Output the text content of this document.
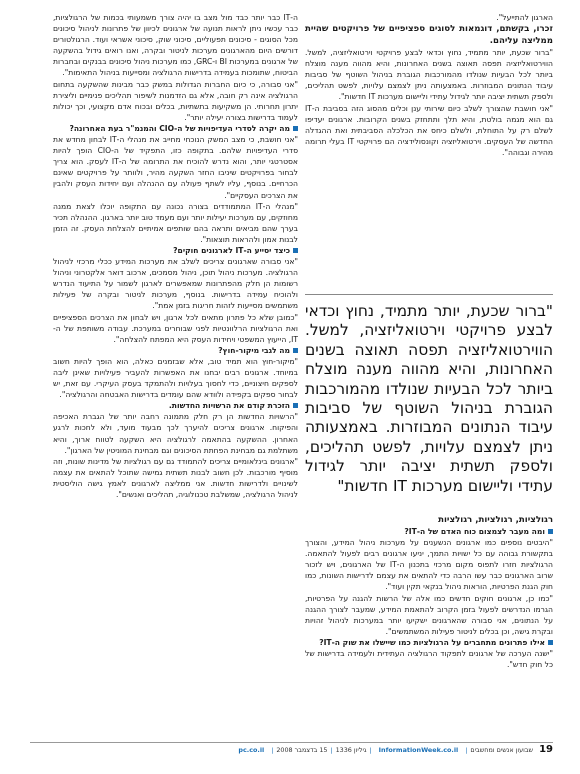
הארגון להתייעל".

זכרו, בקשתם, דוגמאות לסוגים ספציפיים של פרויקטים שהיית ממליצה עליהם.

"ברור שכעת, יותר מתמיד, נחוץ וכדאי לבצע פרויקטי וירטואליזציה, למשל. הווירטואליזציה תפסה תאוצה בשנים האחרונות, והיא מהווה מענה מוצלח ביותר לכל הבעיות שנולדו מהמורכבות הגוברת בניהול השוטף של סביבות עיבוד הנתונים המבוזרות. באמצעותה ניתן לצמצם עלויות, לפשט תהליכים, ולספק תשתית יציבה יותר לגידול עתידי וליישום מערכות IT חדשות".

"אני חושבת שהצורך לשלב כיום שירותי ענן וכלים מהסוג הזה בסביבת ה-IT גם הוא מגמה בולטת, והיא תלך ותתחזק בשנים הקרובות. ארגונים יעדיפו לשלם רק על התוחלת, ולשלם כיחס את הכלכלה הסביבתית ואת ההגדלה החדשה של העסקים. וירטואליזציה וקונסולידציה הם פרויקטי IT בעלי תרומה מהירה וגבוהה".

"ברור שכעת, יותר מתמיד, נחוץ וכדאי לבצע פרויקטי וירטואליזציה, למשל. הווירטואליזציה תפסה תאוצה בשנים האחרונות, והיא מהווה מענה מוצלח ביותר לכל הבעיות שנולדו מהמורכבות הגוברת בניהול השוטף של סביבות עיבוד הנתונים המבוזרות. באמצעותה ניתן לצמצם עלויות, לפשט תהליכים, ולספק תשתית יציבה יותר לגידול עתידי וליישום מערכות IT חדשות"

רגולציות, רגולציות, רגולציות

ומה מעבר לצמצום כוח האדם של ה-IT?

"היבטים נוספים כמו ארגונים הנשענים על מערכות ניהול המידע, והצורך בתקשורת גבוהה עם כל ישויות התמך, יניעו ארגונים רבים לפעול להתאמה. הרגולציות חזרו לתפוס מקום מרכזי בתכנון ה-IT של הארגונים, ויש לזכור שרוב הארגונים כבר עשו הרבה כדי להתאים את עצמם לדרישות השונות, כמו חוק הגנת הפרטיות, הוראות ניהול בנקאי תקין ועוד".

"כמו כן, ארגונים חוקים חדשים כמו אלה של הרשות להגנה על הפרטיות, הגרמו הנדרשים לפעול בזמן הקרוב להתאמת המידע, שמעבר לצורך ההגנה על הנתונים, אני סבורה שהארגונים ישקיעו יותר במערכות לניהול זהויות ובקרת גישה, וכן בכלים לניטור פעילות המשתמשים".

אילו פתרונים מתחברים על הרגולציות כמו שיישלו את שוק ה-IT?

"ישנה הערכה של ארגונים לתפקוד הרגולציה העתידית ולעמידה בדרישות של כל חוק חדש".

ה-IT כבר יותר כבד מול מצב בו יהיה צורך משמעותי בכמות של הרגולציות, כבר עכשיו ניתן לראות תנועה של ארגונים לכיוון של פתרונות לניהול סיכונים מכל הסוגים - סיכונים תפעוליים, סיכוני שוק, סיכוני אשראי ועוד. הרגולטורים דורשים היום מהארגונים מערכות לניטור ובקרה, ואנו רואים גידול בהשקעה של ארגונים במערכות BI ו-GRC, כמו מערכות ניהול סיכונים בבנקים ובחברות הביטוח, שתומכות בעמידה בדרישות הרגולציה ומסייעות בניהול התאימות".

"אני סבורה, כי כיום החברות הגדולות במשק כבר מבינות שהשקעה בתחום הרגולציה אינה רק חובה, אלא גם הזדמנות לשיפור תהליכים פנימיים וליצירת יתרון תחרותי. הן משקיעות בתשתיות, בכלים ובכוח אדם מקצועי, וכך יכולות לעמוד בדרישות בצורה יעילה יותר".

מה יקרה לסדרי העדיפויות של ה-CIO והמנמ"ר בעת האחרונה?

"אני חושבת, כי מצב המשק הנוכחי מחייב את מנהלי ה-IT לבחון מחדש את סדרי העדיפויות שלהם. בתקופה כזו, התפקיד של ה-CIO הופך להיות אסטרטגי יותר, והוא נדרש להוכיח את התרומה של ה-IT לעסק. הוא צריך לבחור בפרויקטים שיניבו החזר השקעה מהיר, ולוותר על פרויקטים שאינם הכרחיים. בנוסף, עליו לשתף פעולה עם ההנהלה ועם יחידות העסק ולהבין את הצרכים העסקיים".

"מנהלי ה-IT המתמודדים בצורה נכונה עם התקופה יוכלו לצאת ממנה מחוזקים, עם מערכות יעילות יותר ועם מעמד טוב יותר בארגון. ההנהלה תכיר בערך שהם מביאים ותראה בהם שותפים אמיתיים להצלחת העסק. זה הזמן לבנות אמון ולהראות תוצאות".

כיצד יסייע ה-IT לארגונים חוקים?

"אני סבורה שארגונים צריכים לשלב את מערכות המידע ככלי מרכזי לניהול הרגולציה. מערכות ניהול תוכן, ניהול מסמכים, ארכוב דואר אלקטרוני וניהול רשומות הן חלק מהפתרונות שמאפשרים לארגון לשמור על התיעוד הנדרש ולהוכיח עמידה בדרישות. בנוסף, מערכות לניטור ובקרה של פעילות משתמשים מסייעות לזהות חריגות בזמן אמת".

"כמובן שלא כל פתרון מתאים לכל ארגון, ויש לבחון את הצרכים הספציפיים ואת הרגולציות הרלוונטיות לפני שבוחרים במערכת. עבודה משותפת של ה-IT, הייעוץ המשפטי ויחידות העסק היא המפתח להצלחה".

מה לגבי מיקור-חוץ?

"מיקור-חוץ הוא תמיד טוב, אלא שבזמנים כאלה, הוא הופך להיות חשוב במיוחד. ארגונים רבים יבחנו את האפשרות להעביר פעילויות שאינן ליבה לספקים חיצוניים, כדי לחסוך בעלויות ולהתמקד בעסק העיקרי. עם זאת, יש לבחור ספקים בקפידה ולוודא שהם עומדים בדרישות האבטחה והרגולציה".

הזכרת קודם את הרשויות החדשות.

"הרשויות החדשות הן רק חלק מתמונה רחבה יותר של הגברת האכיפה והפיקוח. ארגונים צריכים להיערך לכך מבעוד מועד, ולא לחכות לרגע האחרון. ההשקעה בהתאמה לרגולציה היא השקעה לטווח ארוך, והיא משתלמת גם מבחינת הפחתת הסיכונים וגם מבחינת המוניטין של הארגון".

"ארגונים בינלאומיים צריכים להתמודד גם עם רגולציות של מדינות שונות, וזה מוסיף מורכבות. לכן חשוב לבנות תשתית גמישה שתוכל להתאים את עצמה לשינויים ולדרישות חדשות. אני ממליצה לארגונים לאמץ גישה הוליסטית לניהול הרגולציה, שמשלבת טכנולוגיה, תהליכים ואנשים".

19
שבועון אנשים ומחשבים
|
InformationWeek.co.il
|
גיליון 1336
|
15 בדצמבר 2008
|
pc.co.il
